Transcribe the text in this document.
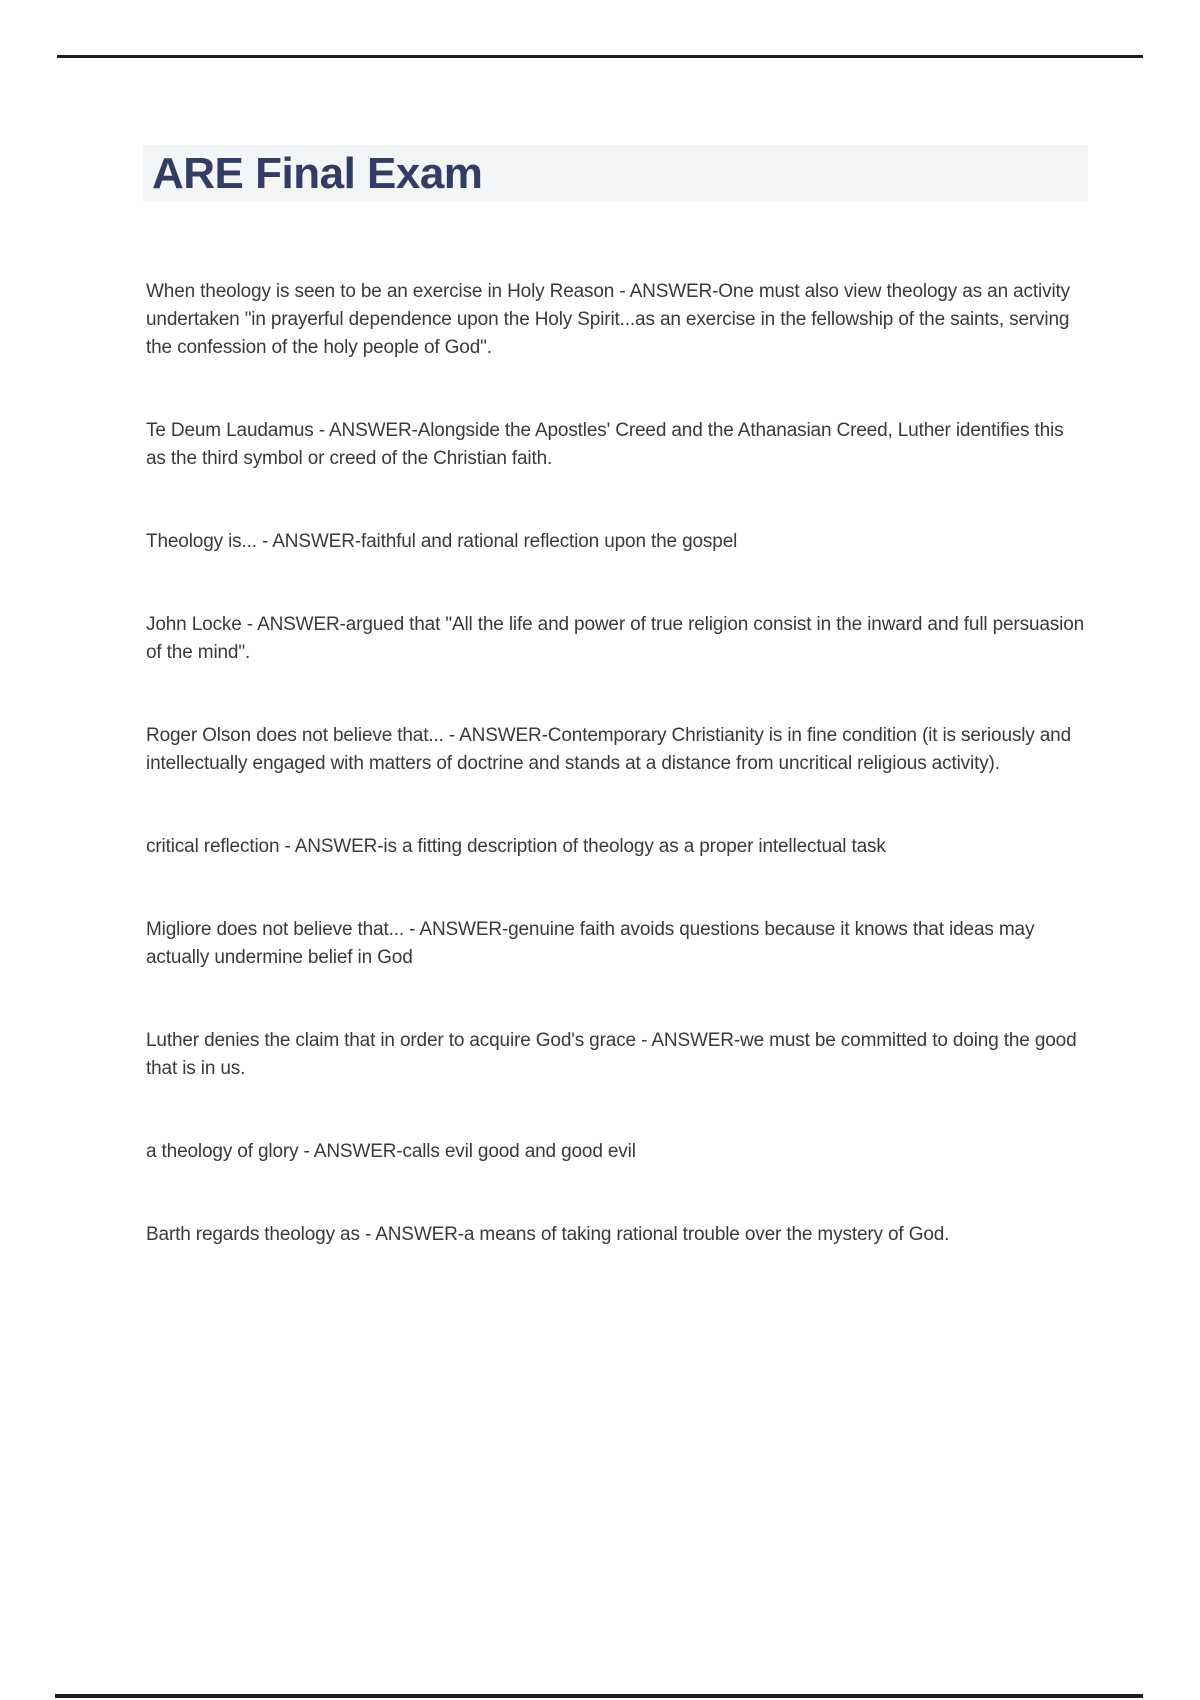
ARE Final Exam

When theology is seen to be an exercise in Holy Reason - ANSWER-One must also view theology as an activity undertaken "in prayerful dependence upon the Holy Spirit...as an exercise in the fellowship of the saints, serving the confession of the holy people of God".

Te Deum Laudamus - ANSWER-Alongside the Apostles' Creed and the Athanasian Creed, Luther identifies this as the third symbol or creed of the Christian faith.

Theology is... - ANSWER-faithful and rational reflection upon the gospel

John Locke - ANSWER-argued that "All the life and power of true religion consist in the inward and full persuasion of the mind".

Roger Olson does not believe that... - ANSWER-Contemporary Christianity is in fine condition (it is seriously and intellectually engaged with matters of doctrine and stands at a distance from uncritical religious activity).

critical reflection - ANSWER-is a fitting description of theology as a proper intellectual task

Migliore does not believe that... - ANSWER-genuine faith avoids questions because it knows that ideas may actually undermine belief in God

Luther denies the claim that in order to acquire God's grace - ANSWER-we must be committed to doing the good that is in us.

a theology of glory - ANSWER-calls evil good and good evil

Barth regards theology as - ANSWER-a means of taking rational trouble over the mystery of God.
